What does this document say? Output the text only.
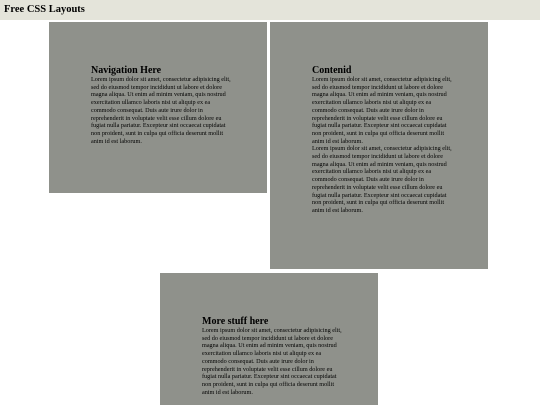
Free CSS Layouts
Navigation Here

Lorem ipsum dolor sit amet, consectetur adipisicing elit, sed do eiusmod tempor incididunt ut labore et dolore magna aliqua. Ut enim ad minim veniam, quis nostrud exercitation ullamco laboris nisi ut aliquip ex ea commodo consequat. Duis aute irure dolor in reprehenderit in voluptate velit esse cillum dolore eu fugiat nulla pariatur. Excepteur sint occaecat cupidatat non proident, sunt in culpa qui officia deserunt mollit anim id est laborum.

Contenid

Lorem ipsum dolor sit amet, consectetur adipisicing elit, sed do eiusmod tempor incididunt ut labore et dolore magna aliqua. Ut enim ad minim veniam, quis nostrud exercitation ullamco laboris nisi ut aliquip ex ea commodo consequat. Duis aute irure dolor in reprehenderit in voluptate velit esse cillum dolore eu fugiat nulla pariatur. Excepteur sint occaecat cupidatat non proident, sunt in culpa qui officia deserunt mollit anim id est laborum.

Lorem ipsum dolor sit amet, consectetur adipisicing elit, sed do eiusmod tempor incididunt ut labore et dolore magna aliqua. Ut enim ad minim veniam, quis nostrud exercitation ullamco laboris nisi ut aliquip ex ea commodo consequat. Duis aute irure dolor in reprehenderit in voluptate velit esse cillum dolore eu fugiat nulla pariatur. Excepteur sint occaecat cupidatat non proident, sunt in culpa qui officia deserunt mollit anim id est laborum.

More stuff here

Lorem ipsum dolor sit amet, consectetur adipisicing elit, sed do eiusmod tempor incididunt ut labore et dolore magna aliqua. Ut enim ad minim veniam, quis nostrud exercitation ullamco laboris nisi ut aliquip ex ea commodo consequat. Duis aute irure dolor in reprehenderit in voluptate velit esse cillum dolore eu fugiat nulla pariatur. Excepteur sint occaecat cupidatat non proident, sunt in culpa qui officia deserunt mollit anim id est laborum.
